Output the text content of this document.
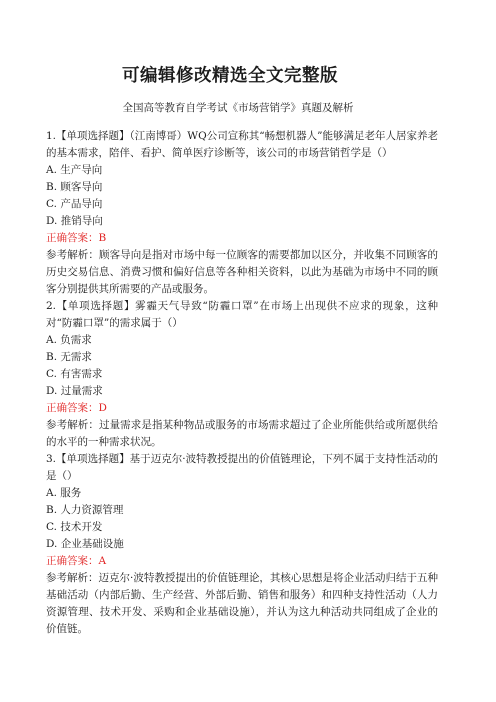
可编辑修改精选全文完整版
全国高等教育自学考试《市场营销学》真题及解析
1.【单项选择题】（江南博哥）WQ公司宣称其“畅想机器人”能够满足老年人居家养老的基本需求，陪伴、看护、简单医疗诊断等，该公司的市场营销哲学是（）
A. 生产导向
B. 顾客导向
C. 产品导向
D. 推销导向
正确答案：B
参考解析：顾客导向是指对市场中每一位顾客的需要都加以区分，并收集不同顾客的历史交易信息、消费习惯和偏好信息等各种相关资料，以此为基础为市场中不同的顾客分别提供其所需要的产品或服务。
2.【单项选择题】雾霾天气导致“防霾口罩”在市场上出现供不应求的现象，这种对“防霾口罩”的需求属于（）
A. 负需求
B. 无需求
C. 有害需求
D. 过量需求
正确答案：D
参考解析：过量需求是指某种物品或服务的市场需求超过了企业所能供给或所愿供给的水平的一种需求状况。
3.【单项选择题】基于迈克尔·波特教授提出的价值链理论，下列不属于支持性活动的是（）
A. 服务
B. 人力资源管理
C. 技术开发
D. 企业基础设施
正确答案：A
参考解析：迈克尔·波特教授提出的价值链理论，其核心思想是将企业活动归结于五种基础活动（内部后勤、生产经营、外部后勤、销售和服务）和四种支持性活动（人力资源管理、技术开发、采购和企业基础设施），并认为这九种活动共同组成了企业的价值链。
